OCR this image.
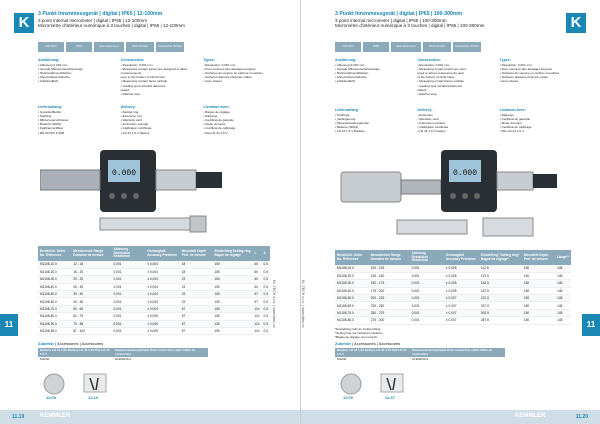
K	3 Punkt Innenmessgerät | digital | IP65 | 12-100mm
3 point internal micrometer | digital | IP65 | 12-100mm
Micromètre d'intérieur numérique à 3 touches | digital | IP65 | 12-100mm
DIN 863	IP65	Sub-Sortiment	DKD Schaft	Gleitsicher Schaft
Ausführung:
• Ablesung 0,001 mm
• Gerade Mikrometerlichtanzeige
• Hartmetallmessflächen
• Abnehmbare Ratsche
• Antiblendlicht
Construction:
• Resolution: 0.001 mm
• Measuring contact points are designed to allow measurements
near to the bottom of blind holes
• Measuring contact faces carbide
• reading spot included diamond-
plated
• Ratchet stop
Types:
• Résolution: 0,001 mm
• Pour mesures des alésages borgnes
• Surfaces de mesure en carbure monobloc
• Surfaces diamant chromée mates
• Avec cliquet
Lieferumfang:
• Kunststoffkoffer
• Stellring
• Mikrometerschlüssel
• Batterie (SR44)
• Kalibrierzertifikat
• EN 60 ISO 17025
Delivery:
• Setting ring
• Extension rod
• Warranty card
• Instruction manual
• Calibration certificate
• LR 44 1,5 V battery
Livraison avec:
• Bague de réglage
• Rallonge
• Certificat de garantie
• Mode d'emploi
• Certificat de calibrage
• Pile LR 44 1,5 V
0.000
Bestell-Nr. Order No. Référence	Messbereich Range Domaine de mesure	Ablesung Resolution Résolution	Genauigkeit Accuracy Précision	Messtiefe Depth Prof. de mesure	Einstellring Setting ring Bague de réglage	L	A
M1108-10.0	12 - 16	0,001	± 0,004	18	150	60	0,5
M1108-20.0	16 - 20	0,001	± 0,004	18	150	60	0,5
M1108-30.0	20 - 25	0,001	± 0,004	23	150	60	0,5
M1108-40.0	25 - 30	0,001	± 0,004	23	150	60	0,5
M1108-50.0	30 - 40	0,001	± 0,004	23	150	67	0,5
M1108-60.0	40 - 50	0,001	± 0,004	23	150	67	0,5
M1108-70.0	50 - 60	0,001	± 0,004	67	150	114	0,5
M1108-80.0	62 - 75	0,001	± 0,005	67	150	114	0,5
M1108-90.0	75 - 88	0,001	± 0,005	67	150	114	0,5
M1108-95.0	87 - 100	0,001	± 0,005	67	150	114	0,5
Zubehör | Accessories | Accessoires
Batterie LR 44 1,5V Battery LR 44 1,5V Pile LR 44 1,5 V	Datenverbindungskabel Data connection cable Câble de connection
M1240	M-900010.0
11.09	11.10
11	KL-TECH s.r.o. | www.kltec.cz
11.19	KEMMLER
K
3 Punkt Innenmessgerät | digital | IP65 | 100-300mm
3 point internal micrometer | digital | IP65 | 100-300mm
Micromètre d'intérieur numérique à 3 touches | digital | IP65 | 100-300mm
DIN 863	IP65	Sub-Sortiment	DKD Schaft	Gleitsicher Schaft
Ausführung:
• Ablesung 0,001 mm
• Gerade Mikrometerlichtanzeige
• Hartmetallmessflächen
• Abnehmbare Ratsche
• Antiblendlicht
Construction:
• Resolution: 0.001 mm
• Measuring contact points are desi-
gned to allow measurements near
to the bottom of blind holes
• Measuring contact faces carbide
• reading spot included diamond-
plated
• Ratchet stop
Types:
• Résolution: 0,001 mm
• Pour mesures des alésages borgnes
• Surfaces de mesure en carbure monobloc
• Surfaces diamant chromée mates
• Avec cliquet
Lieferumfang:
• Prüfringe
• Verlängerung
• Messschraubengarnitur
• Batterie (SR44)
• LR 44 1,5 V Batterie
Delivery:
• Extension
• Warranty card
• Instruction manual
• Calibration certificate
• LR 44 1,5 V battery
Livraison avec:
• Rallonge
• Certificat de garantie
• Mode d'emploi
• Certificat de calibrage
• Pile LR 44 1,5 V
0.000
Bestell-Nr. Order No. Référence	Messbereich Range Domaine de mesure	Ablesung Resolution Résolution	Genauigkeit Accuracy Précision	Einstellring* Setting ring* Bague de réglage*	Messtiefe Depth Prof. de mesure	Länge**
M1108-10.0	100 - 125	0,001	± 0,005	112,5	150	145
M1108-20.0	125 - 150	0,001	± 0,005	137,5	150	145
M1108-30.0	150 - 175	0,001	± 0,005	162,5	150	145
M1108-40.0	175 - 200	0,001	± 0,005	187,5	150	145
M1108-50.0	200 - 225	0,001	± 0,007	212,5	150	145
M1108-60.0	225 - 250	0,001	± 0,007	237,5	150	145
M1108-70.0	250 - 275	0,001	± 0,007	262,5	150	145
M1108-80.0	275 - 300	0,001	± 0,007	287,5	150	145
*Einstellring nicht im Lieferumfang
*Setting ring not included in delivery
*Bague de réglage non compris
Zubehör | Accessories | Accessoires
Batterie LR 44 1,5V Battery LR 44 1,5V Pile LR 44 1,5 V	Datenverbindungskabel Data connection cable Câble de connection
M1240	M-900010.0
11.09	11.47
11
KL-TECH s.r.o. | www.kltec.cz
KEMMLER	11.20
